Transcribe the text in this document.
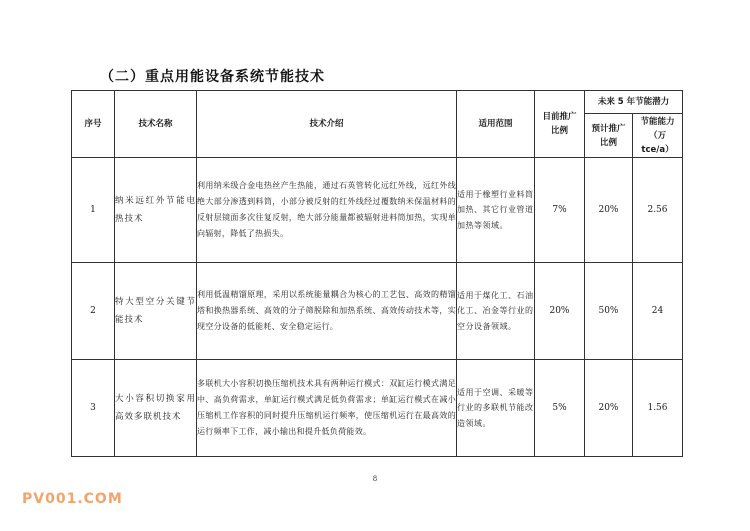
（二）重点用能设备系统节能技术
序号	技术名称	技术介绍	适用范围	目前推广比例	未来 5 年节能潜力	
					预计推广比例	节能能力（万 tce/a）
1	纳米远红外节能电热技术	利用纳米级合金电热丝产生热能，通过石英管转化远红外线，远红外线绝大部分渗透到料筒，小部分被反射的红外线经过覆数纳米保温材料的反射层镜面多次往复反射，绝大部分能量都被辐射进料筒加热，实现单向辐射，降低了热损失。	适用于橡塑行业料筒加热、其它行业管道加热等领域。	7%	20%	2.56
2	特大型空分关键节能技术	利用低温精馏原理，采用以系统能量耦合为核心的工艺包、高效的精馏塔和换热器系统、高效的分子筛脱除和加热系统、高效传动技术等，实现空分设备的低能耗、安全稳定运行。	适用于煤化工、石油化工、冶金等行业的空分设备领域。	20%	50%	24
3	大小容积切换家用高效多联机技术	多联机大小容积切换压缩机技术具有两种运行模式：双缸运行模式满足中、高负荷需求，单缸运行模式满足低负荷需求；单缸运行模式在减小压缩机工作容积的同时提升压缩机运行频率，使压缩机运行在最高效的运行频率下工作，减小输出和提升低负荷能效。	适用于空调、采暖等行业的多联机节能改造领域。	5%	20%	1.56
8
PV001.COM
